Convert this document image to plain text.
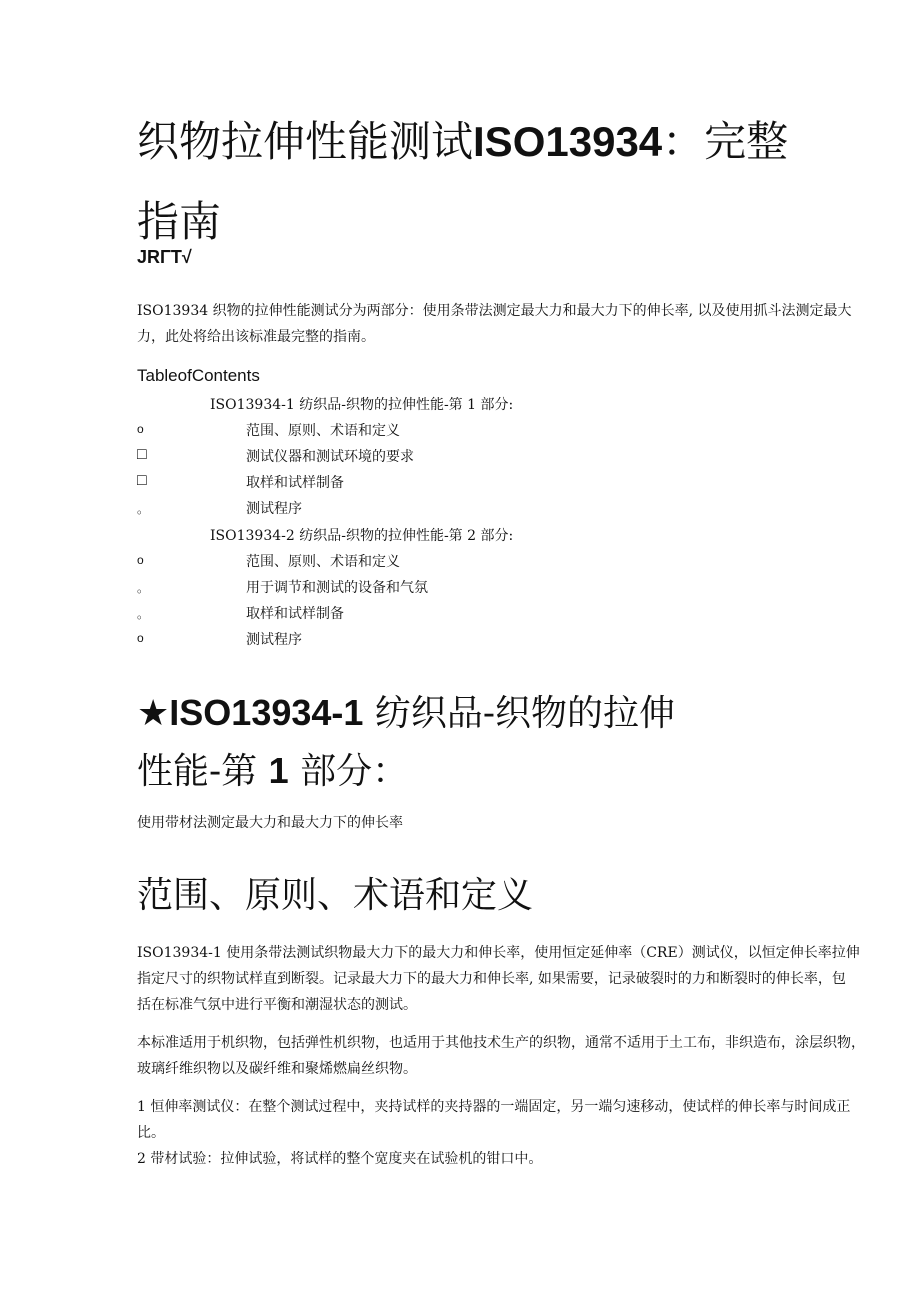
织物拉伸性能测试ISO13934：完整
指南
JRΓT√

ISO13934 织物的拉伸性能测试分为两部分：使用条带法测定最大力和最大力下的伸长率, 以及使用抓斗法测定最大

力，此处将给出该标准最完整的指南。

TableofContents
ISO13934-1 纺织品-织物的拉伸性能-第 1 部分:
o	范围、原则、术语和定义
□	测试仪器和测试环境的要求
□	取样和试样制备
。	测试程序
ISO13934-2 纺织品-织物的拉伸性能-第 2 部分:
o	范围、原则、术语和定义
。	用于调节和测试的设备和气氛
。	取样和试样制备
o	测试程序
★ISO13934-1 纺织品-织物的拉伸
性能-第 1 部分：
使用带材法测定最大力和最大力下的伸长率
范围、原则、术语和定义

ISO13934-1 使用条带法测试织物最大力下的最大力和伸长率，使用恒定延伸率（CRE）测试仪，以恒定伸长率拉伸

指定尺寸的织物试样直到断裂。记录最大力下的最大力和伸长率, 如果需要，记录破裂时的力和断裂时的伸长率，包

括在标准气氛中进行平衡和潮湿状态的测试。

本标准适用于机织物，包括弹性机织物，也适用于其他技术生产的织物，通常不适用于土工布，非织造布，涂层织物，

玻璃纤维织物以及碳纤维和聚烯燃扁丝织物。

1 恒伸率测试仪：在整个测试过程中，夹持试样的夹持器的一端固定，另一端匀速移动，使试样的伸长率与时间成正

比。

2 带材试验：拉伸试验，将试样的整个宽度夹在试验机的钳口中。
